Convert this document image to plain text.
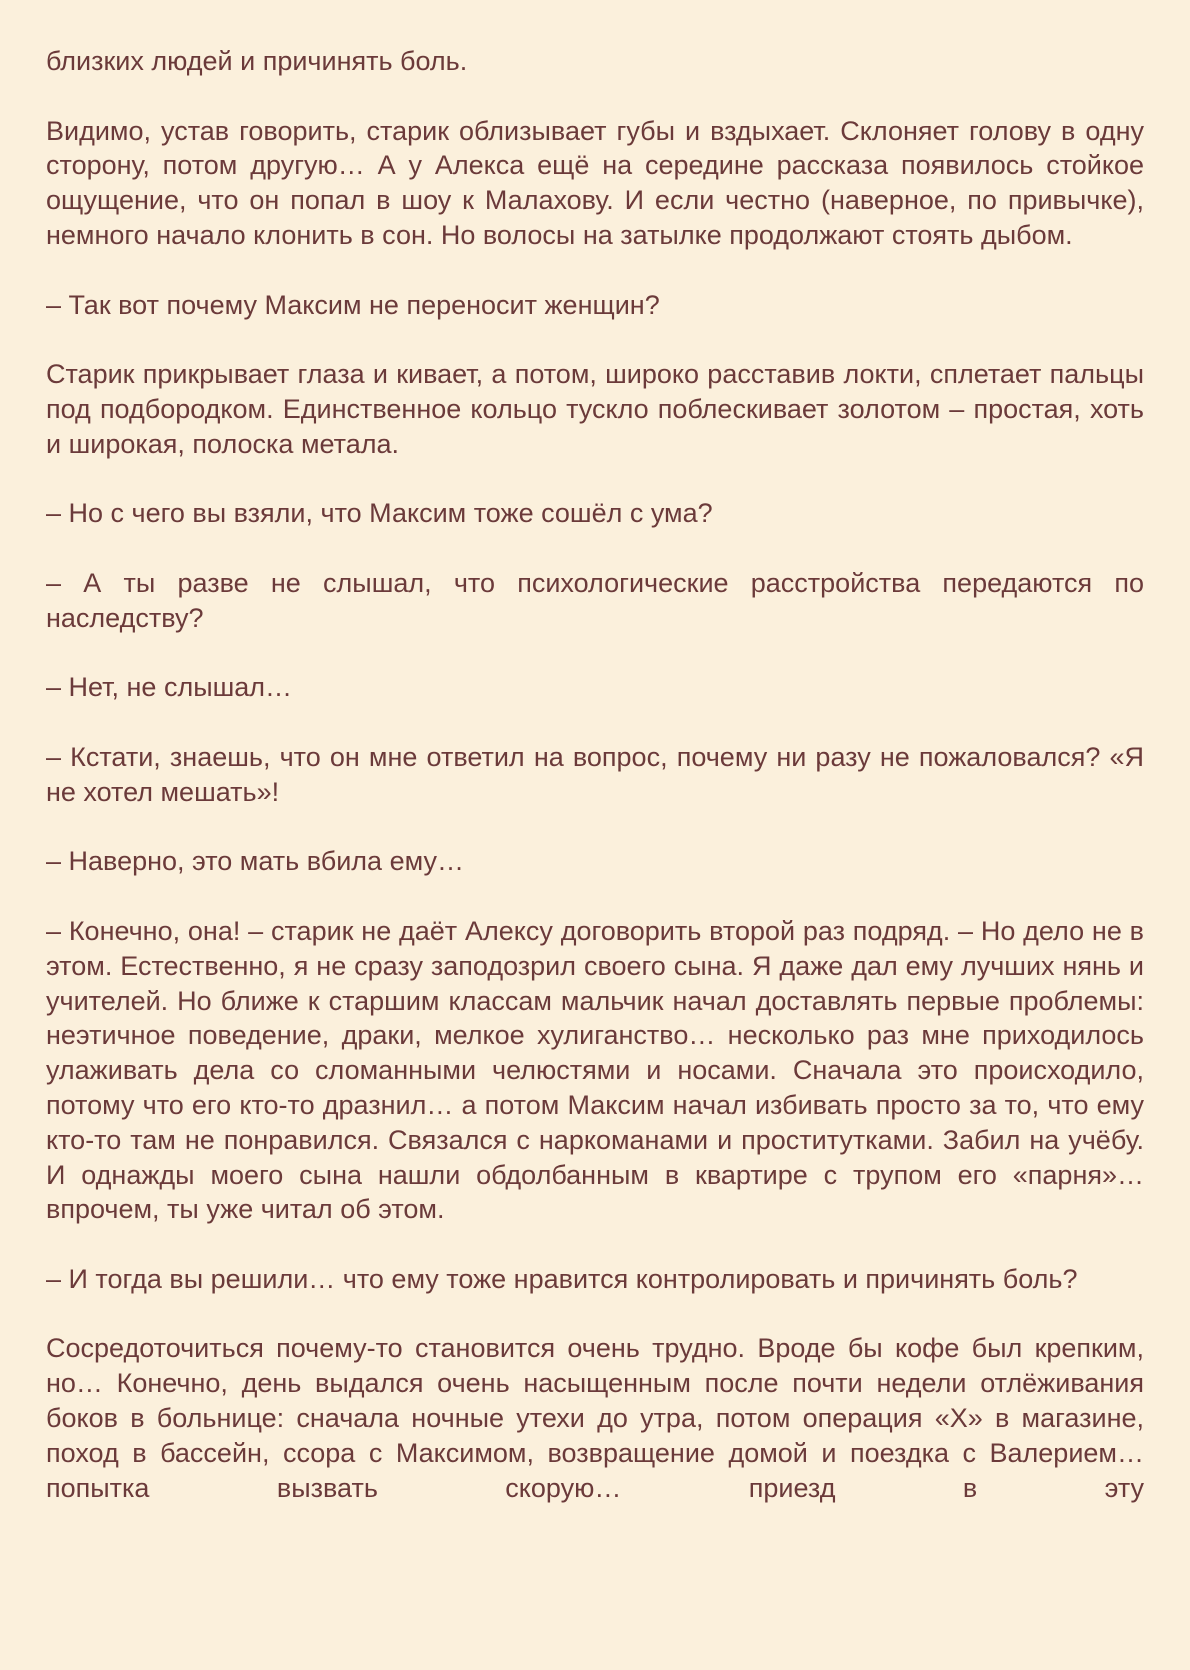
близких людей и причинять боль.

Видимо, устав говорить, старик облизывает губы и вздыхает. Склоняет голову в одну сторону, потом другую… А у Алекса ещё на середине рассказа появилось стойкое ощущение, что он попал в шоу к Малахову. И если честно (наверное, по привычке), немного начало клонить в сон. Но волосы на затылке продолжают стоять дыбом.

– Так вот почему Максим не переносит женщин?

Старик прикрывает глаза и кивает, а потом, широко расставив локти, сплетает пальцы под подбородком. Единственное кольцо тускло поблескивает золотом – простая, хоть и широкая, полоска метала.

– Но с чего вы взяли, что Максим тоже сошёл с ума?

– А ты разве не слышал, что психологические расстройства передаются по наследству?

– Нет, не слышал…

– Кстати, знаешь, что он мне ответил на вопрос, почему ни разу не пожаловался? «Я не хотел мешать»!

– Наверно, это мать вбила ему…

– Конечно, она! – старик не даёт Алексу договорить второй раз подряд. – Но дело не в этом. Естественно, я не сразу заподозрил своего сына. Я даже дал ему лучших нянь и учителей. Но ближе к старшим классам мальчик начал доставлять первые проблемы: неэтичное поведение, драки, мелкое хулиганство… несколько раз мне приходилось улаживать дела со сломанными челюстями и носами. Сначала это происходило, потому что его кто-то дразнил… а потом Максим начал избивать просто за то, что ему кто-то там не понравился. Связался с наркоманами и проститутками. Забил на учёбу. И однажды моего сына нашли обдолбанным в квартире с трупом его «парня»… впрочем, ты уже читал об этом.

– И тогда вы решили… что ему тоже нравится контролировать и причинять боль?

Сосредоточиться почему-то становится очень трудно. Вроде бы кофе был крепким, но… Конечно, день выдался очень насыщенным после почти недели отлёживания боков в больнице: сначала ночные утехи до утра, потом операция «Х» в магазине, поход в бассейн, ссора с Максимом, возвращение домой и поездка с Валерием… попытка вызвать скорую… приезд в эту
